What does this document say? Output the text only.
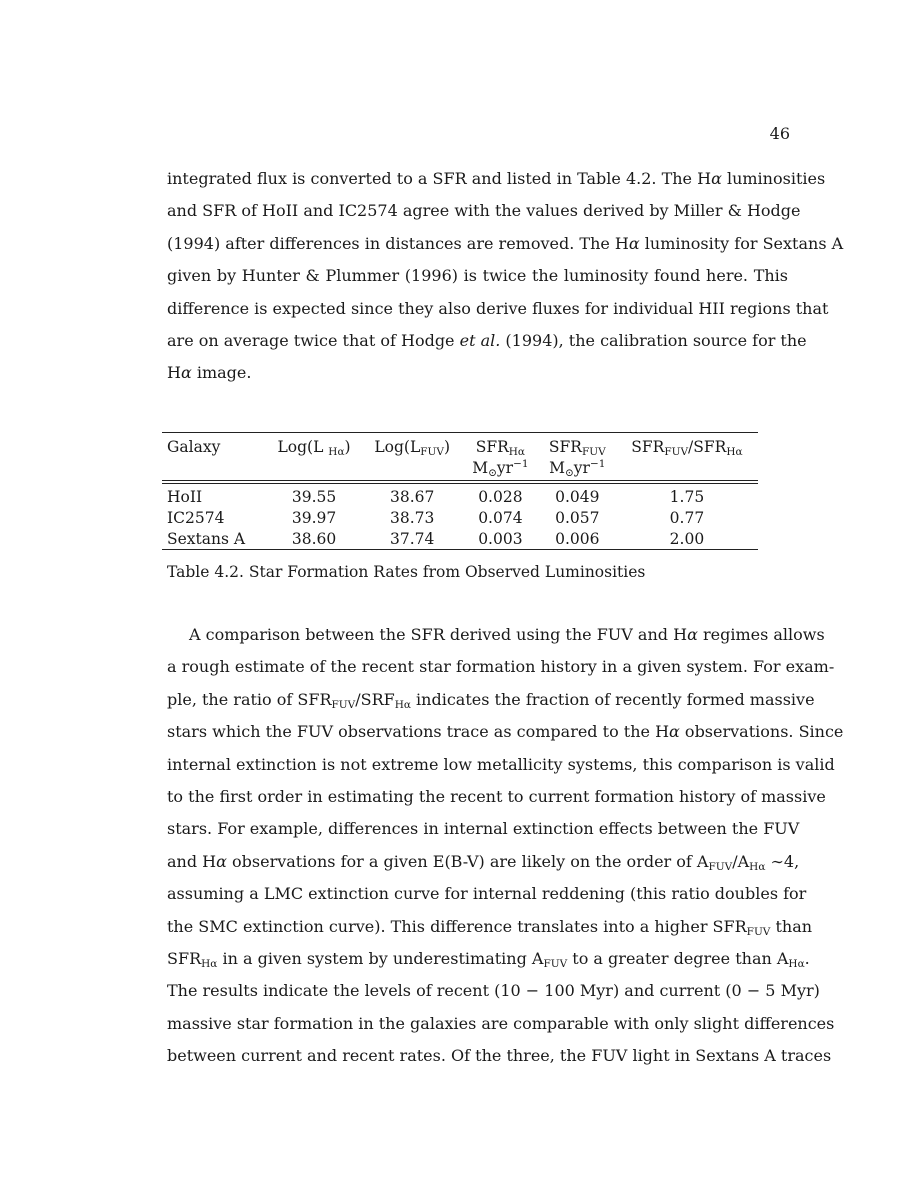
46
integrated flux is converted to a SFR and listed in Table 4.2. The Hα luminosities
and SFR of HoII and IC2574 agree with the values derived by Miller & Hodge
(1994) after differences in distances are removed. The Hα luminosity for Sextans A
given by Hunter & Plummer (1996) is twice the luminosity found here. This
difference is expected since they also derive fluxes for individual HII regions that
are on average twice that of Hodge et al. (1994), the calibration source for the
Hα image.
Galaxy	Log(L $_{H\alpha}$)	$Log(L_{FUV})$	$SFR_{H\alpha}$	$SFR_{FUV}$	$SFR_{FUV}/SFR_{H\alpha}$
			$M_⊙yr^{-1}$	$M_⊙yr^{-1}$	
HoII	39.55	38.67	0.028	0.049	1.75
IC2574	39.97	38.73	0.074	0.057	0.77
Sextans A	38.60	37.74	0.003	0.006	2.00
Table 4.2. Star Formation Rates from Observed Luminosities
A comparison between the SFR derived using the FUV and Hα regimes allows
a rough estimate of the recent star formation history in a given system. For exam-
ple, the ratio of $SFR_{FUV}/SRF_{H\alpha}$ indicates the fraction of recently formed massive
stars which the FUV observations trace as compared to the Hα observations. Since
internal extinction is not extreme low metallicity systems, this comparison is valid
to the first order in estimating the recent to current formation history of massive
stars. For example, differences in internal extinction effects between the FUV
and Hα observations for a given E(B-V) are likely on the order of $A_{FUV}/A_{H\alpha}$ ∼4,
assuming a LMC extinction curve for internal reddening (this ratio doubles for
the SMC extinction curve). This difference translates into a higher $SFR_{FUV}$ than
$SFR_{H\alpha}$ in a given system by underestimating $A_{FUV}$ to a greater degree than $A_{H\alpha}$.
The results indicate the levels of recent (10 − 100 Myr) and current (0 − 5 Myr)
massive star formation in the galaxies are comparable with only slight differences
between current and recent rates. Of the three, the FUV light in Sextans A traces
